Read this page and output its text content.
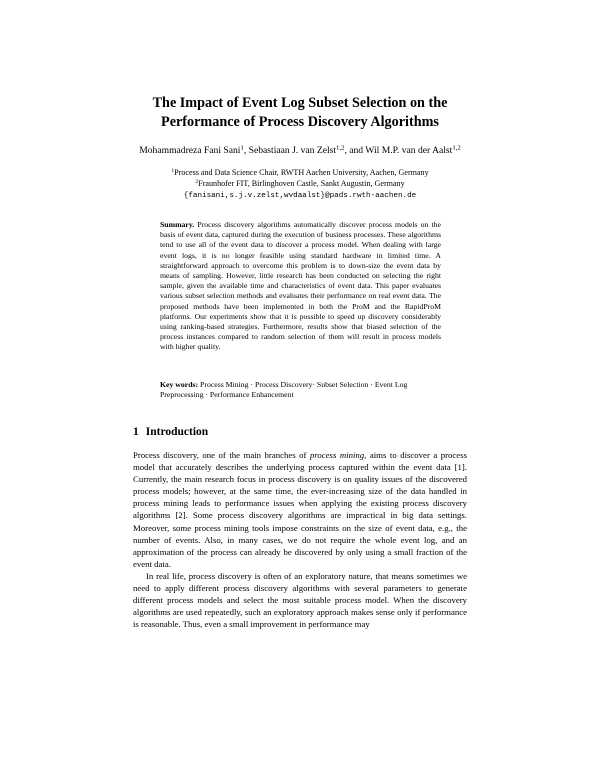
The Impact of Event Log Subset Selection on the
Performance of Process Discovery Algorithms
Mohammadreza Fani Sani$^1$, Sebastiaan J. van Zelst$^{1,2}$, and Wil M.P. van der Aalst$^{1,2}$
$^1$Process and Data Science Chair, RWTH Aachen University, Aachen, Germany
$^2$Fraunhofer FIT, Birlinghoven Castle, Sankt Augustin, Germany
{fanisani,s.j.v.zelst,wvdaalst}@pads.rwth-aachen.de
Summary. Process discovery algorithms automatically discover process models on the basis of event data, captured during the execution of business processes. These algorithms tend to use all of the event data to discover a process model. When dealing with large event logs, it is no longer feasible using standard hardware in limited time. A straightforward approach to overcome this problem is to down-size the event data by means of sampling. However, little research has been conducted on selecting the right sample, given the available time and characteristics of event data. This paper evaluates various subset selection methods and evaluates their performance on real event data. The proposed methods have been implemented in both the ProM and the RapidProM platforms. Our experiments show that it is possible to speed up discovery considerably using ranking-based strategies. Furthermore, results show that biased selection of the process instances compared to random selection of them will result in process models with higher quality.
Key words: Process Mining · Process Discovery· Subset Selection · Event Log Preprocessing · Performance Enhancement
1 Introduction

Process discovery, one of the main branches of process mining, aims to discover a process model that accurately describes the underlying process captured within the event data [1]. Currently, the main research focus in process discovery is on quality issues of the discovered process models; however, at the same time, the ever-increasing size of the data handled in process mining leads to performance issues when applying the existing process discovery algorithms [2]. Some process discovery algorithms are impractical in big data settings. Moreover, some process mining tools impose constraints on the size of event data, e.g., the number of events. Also, in many cases, we do not require the whole event log, and an approximation of the process can already be discovered by only using a small fraction of the event data.

In real life, process discovery is often of an exploratory nature, that means sometimes we need to apply different process discovery algorithms with several parameters to generate different process models and select the most suitable process model. When the discovery algorithms are used repeatedly, such an exploratory approach makes sense only if performance is reasonable. Thus, even a small improvement in performance may
